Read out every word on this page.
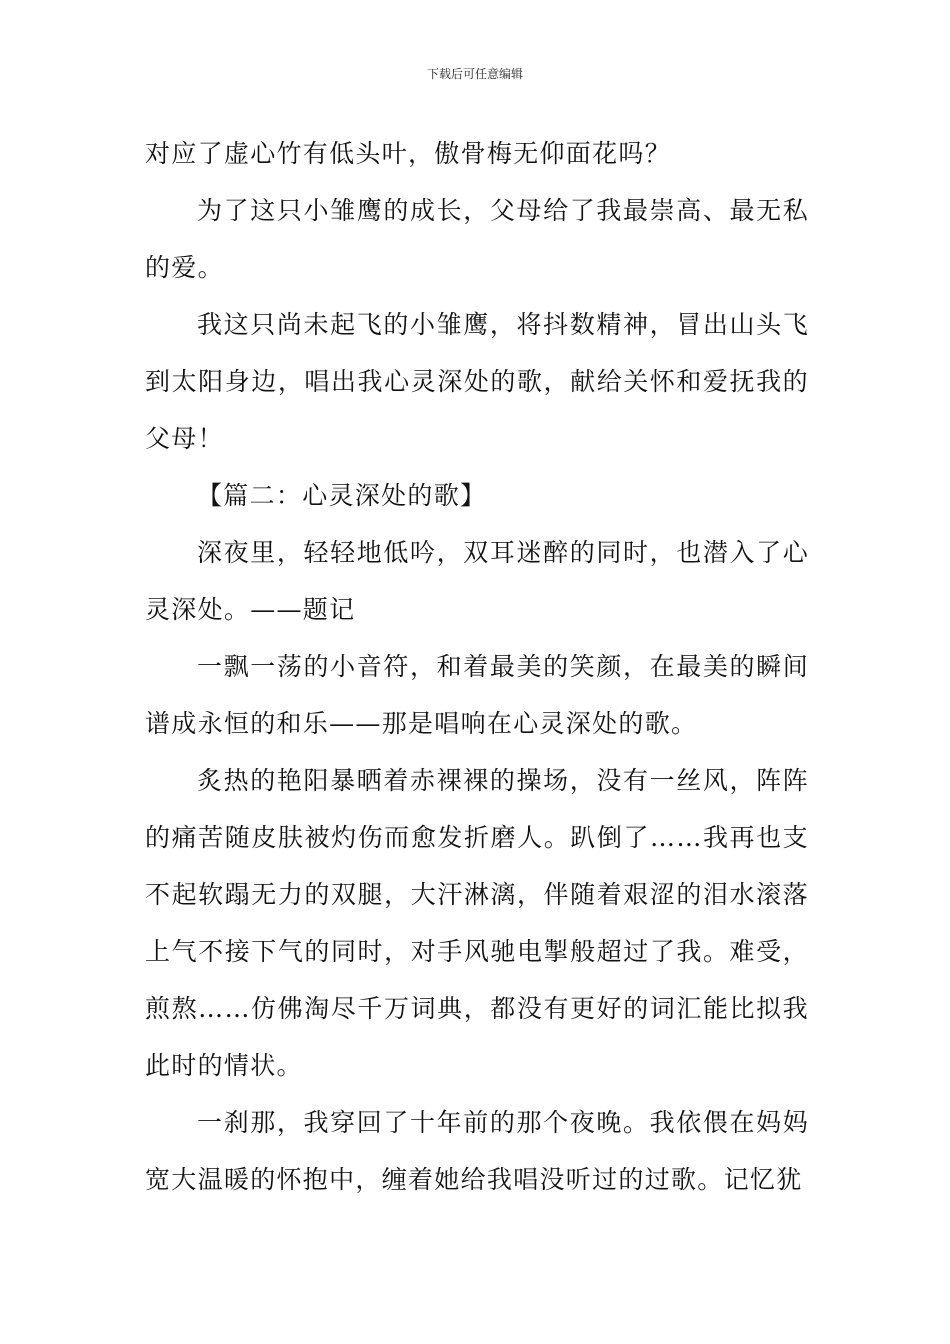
下载后可任意编辑

对应了虚心竹有低头叶，傲骨梅无仰面花吗？

为了这只小雏鹰的成长，父母给了我最崇高、最无私的爱。

我这只尚未起飞的小雏鹰，将抖数精神，冒出山头飞到太阳身边，唱出我心灵深处的歌，献给关怀和爱抚我的父母！

【篇二：心灵深处的歌】

深夜里，轻轻地低吟，双耳迷醉的同时，也潜入了心灵深处。——题记

一飘一荡的小音符，和着最美的笑颜，在最美的瞬间谱成永恒的和乐——那是唱响在心灵深处的歌。

炙热的艳阳暴晒着赤裸裸的操场，没有一丝风，阵阵的痛苦随皮肤被灼伤而愈发折磨人。趴倒了……我再也支不起软蹋无力的双腿，大汗淋漓，伴随着艰涩的泪水滚落上气不接下气的同时，对手风驰电掣般超过了我。难受，煎熬……仿佛淘尽千万词典，都没有更好的词汇能比拟我此时的情状。

一刹那，我穿回了十年前的那个夜晚。我依偎在妈妈宽大温暖的怀抱中，缠着她给我唱没听过的过歌。记忆犹
